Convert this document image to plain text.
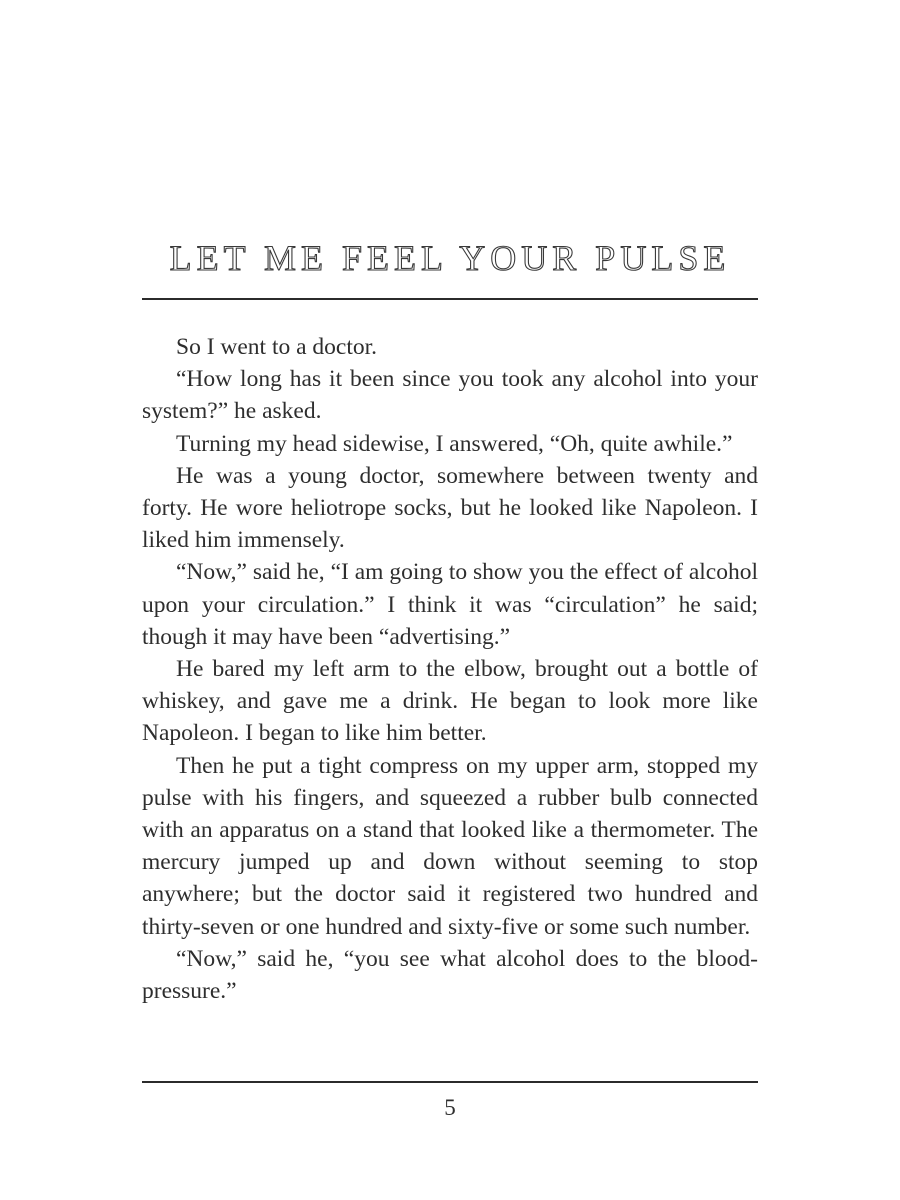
LET ME FEEL YOUR PULSE

So I went to a doctor.

“How long has it been since you took any alcohol into your system?” he asked.

Turning my head sidewise, I answered, “Oh, quite awhile.”

He was a young doctor, somewhere between twenty and forty. He wore heliotrope socks, but he looked like Napoleon. I liked him immensely.

“Now,” said he, “I am going to show you the effect of alcohol upon your circulation.” I think it was “circulation” he said; though it may have been “advertising.”

He bared my left arm to the elbow, brought out a bottle of whiskey, and gave me a drink. He began to look more like Napoleon. I began to like him better.

Then he put a tight compress on my upper arm, stopped my pulse with his fingers, and squeezed a rubber bulb connected with an apparatus on a stand that looked like a thermometer. The mercury jumped up and down without seeming to stop anywhere; but the doctor said it registered two hundred and thirty-seven or one hundred and sixty-five or some such number.

“Now,” said he, “you see what alcohol does to the blood-pressure.”

5
